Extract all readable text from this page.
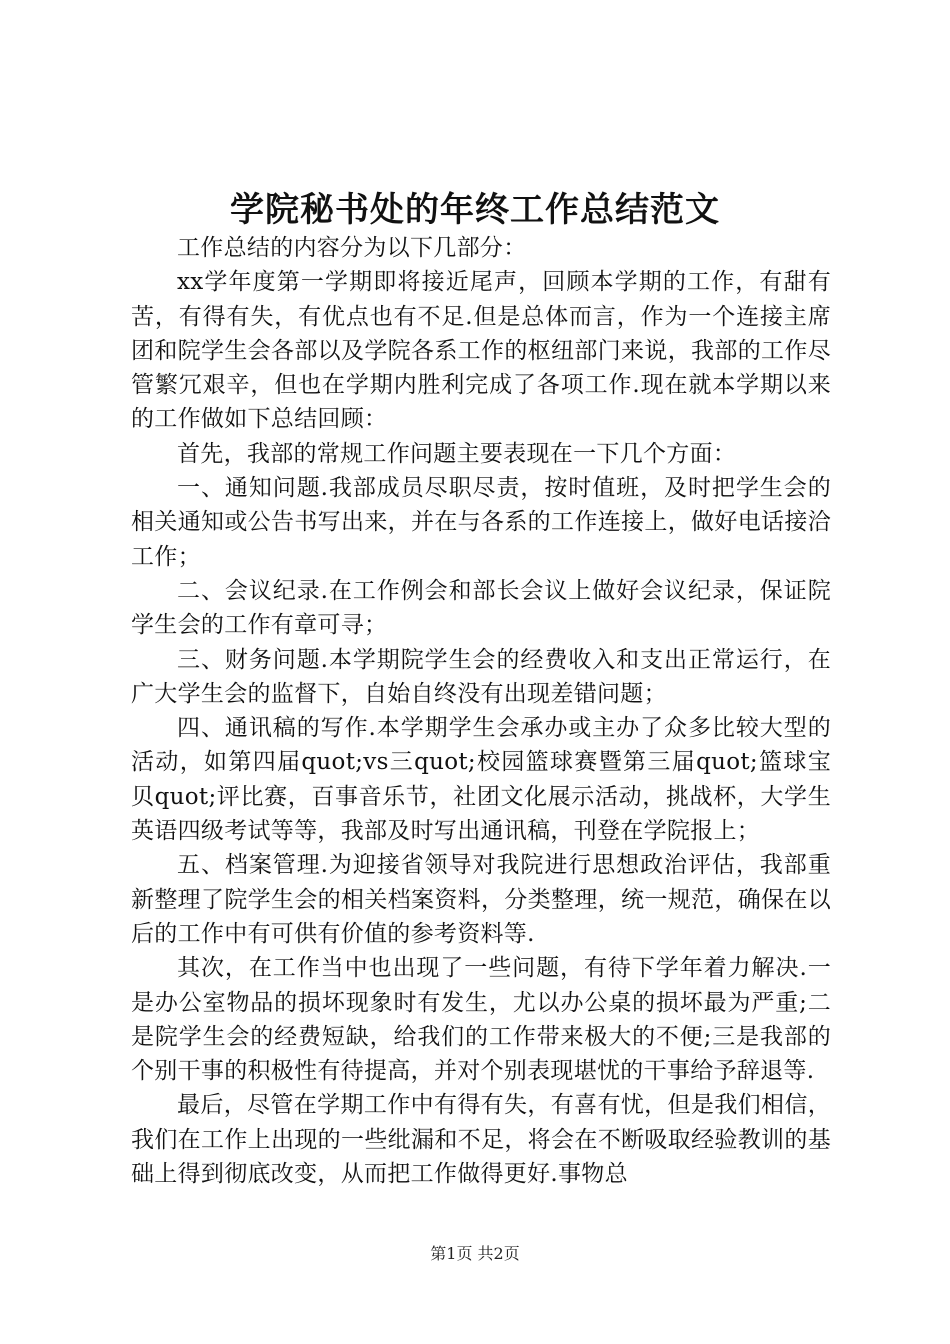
学院秘书处的年终工作总结范文

工作总结的内容分为以下几部分：

xx学年度第一学期即将接近尾声，回顾本学期的工作，有甜有苦，有得有失，有优点也有不足.但是总体而言，作为一个连接主席团和院学生会各部以及学院各系工作的枢纽部门来说，我部的工作尽管繁冗艰辛，但也在学期内胜利完成了各项工作.现在就本学期以来的工作做如下总结回顾：

首先，我部的常规工作问题主要表现在一下几个方面：

一、通知问题.我部成员尽职尽责，按时值班，及时把学生会的相关通知或公告书写出来，并在与各系的工作连接上，做好电话接洽工作；

二、会议纪录.在工作例会和部长会议上做好会议纪录，保证院学生会的工作有章可寻；

三、财务问题.本学期院学生会的经费收入和支出正常运行，在广大学生会的监督下，自始自终没有出现差错问题；

四、通讯稿的写作.本学期学生会承办或主办了众多比较大型的活动，如第四届quot;vs三quot;校园篮球赛暨第三届quot;篮球宝贝quot;评比赛，百事音乐节，社团文化展示活动，挑战杯，大学生英语四级考试等等，我部及时写出通讯稿，刊登在学院报上；

五、档案管理.为迎接省领导对我院进行思想政治评估，我部重新整理了院学生会的相关档案资料，分类整理，统一规范，确保在以后的工作中有可供有价值的参考资料等.

其次，在工作当中也出现了一些问题，有待下学年着力解决.一是办公室物品的损坏现象时有发生，尤以办公桌的损坏最为严重;二是院学生会的经费短缺，给我们的工作带来极大的不便;三是我部的个别干事的积极性有待提高，并对个别表现堪忧的干事给予辞退等.

最后，尽管在学期工作中有得有失，有喜有忧，但是我们相信，我们在工作上出现的一些纰漏和不足，将会在不断吸取经验教训的基础上得到彻底改变，从而把工作做得更好.事物总

第1页 共2页
